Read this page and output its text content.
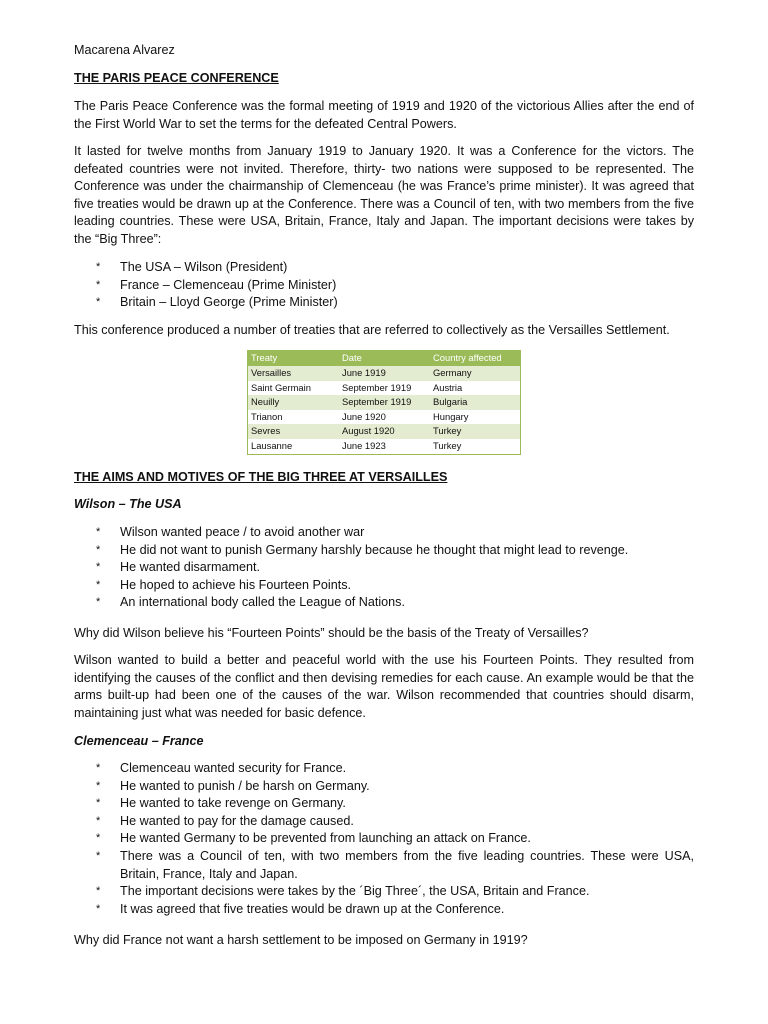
Macarena Alvarez
THE PARIS PEACE CONFERENCE
The Paris Peace Conference was the formal meeting of 1919 and 1920 of the victorious Allies after the end of the First World War to set the terms for the defeated Central Powers.
It lasted for twelve months from January 1919 to January 1920. It was a Conference for the victors. The defeated countries were not invited. Therefore, thirty- two nations were supposed to be represented. The Conference was under the chairmanship of Clemenceau (he was France’s prime minister). It was agreed that five treaties would be drawn up at the Conference. There was a Council of ten, with two members from the five leading countries. These were USA, Britain, France, Italy and Japan. The important decisions were takes by the “Big Three”:
* The USA – Wilson (President)
* France – Clemenceau (Prime Minister)
* Britain – Lloyd George (Prime Minister)
This conference produced a number of treaties that are referred to collectively as the Versailles Settlement.
Treaty	Date	Country affected
Versailles	June 1919	Germany
Saint Germain	September 1919	Austria
Neuilly	September 1919	Bulgaria
Trianon	June 1920	Hungary
Sevres	August 1920	Turkey
Lausanne	June 1923	Turkey
THE AIMS AND MOTIVES OF THE BIG THREE AT VERSAILLES
Wilson – The USA
* Wilson wanted peace / to avoid another war
* He did not want to punish Germany harshly because he thought that might lead to revenge.
* He wanted disarmament.
* He hoped to achieve his Fourteen Points.
* An international body called the League of Nations.
Why did Wilson believe his “Fourteen Points” should be the basis of the Treaty of Versailles?
Wilson wanted to build a better and peaceful world with the use his Fourteen Points. They resulted from identifying the causes of the conflict and then devising remedies for each cause. An example would be that the arms built-up had been one of the causes of the war. Wilson recommended that countries should disarm, maintaining just what was needed for basic defence.
Clemenceau – France
* Clemenceau wanted security for France.
* He wanted to punish / be harsh on Germany.
* He wanted to take revenge on Germany.
* He wanted to pay for the damage caused.
* He wanted Germany to be prevented from launching an attack on France.
* There was a Council of ten, with two members from the five leading countries. These were USA, Britain, France, Italy and Japan.
* The important decisions were takes by the ´Big Three´, the USA, Britain and France.
* It was agreed that five treaties would be drawn up at the Conference.
Why did France not want a harsh settlement to be imposed on Germany in 1919?
